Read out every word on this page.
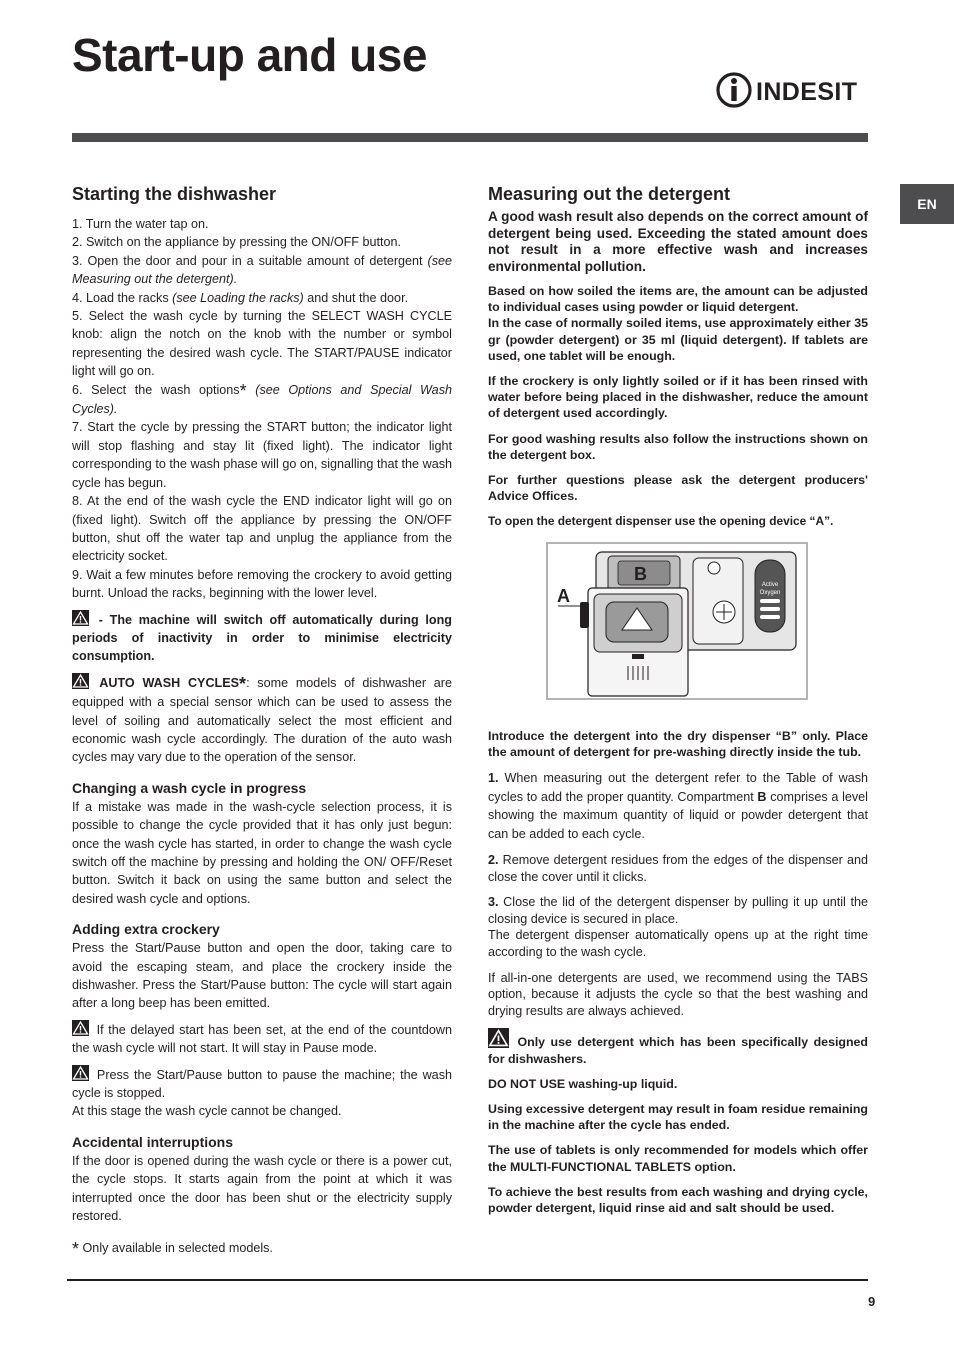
Start-up and use
INDESIT
EN
Starting the dishwasher

1. Turn the water tap on.

2. Switch on the appliance by pressing the ON/OFF button.

3. Open the door and pour in a suitable amount of detergent (see Measuring out the detergent).

4. Load the racks (see Loading the racks) and shut the door.

5. Select the wash cycle by turning the SELECT WASH CYCLE knob: align the notch on the knob with the number or symbol representing the desired wash cycle. The START/PAUSE indicator light will go on.

6. Select the wash options* (see Options and Special Wash Cycles).

7. Start the cycle by pressing the START button; the indicator light will stop flashing and stay lit (fixed light). The indicator light corresponding to the wash phase will go on, signalling that the wash cycle has begun.

8. At the end of the wash cycle the END indicator light will go on (fixed light). Switch off the appliance by pressing the ON/OFF button, shut off the water tap and unplug the appliance from the electricity socket.

9. Wait a few minutes before removing the crockery to avoid getting burnt. Unload the racks, beginning with the lower level.

- The machine will switch off automatically during long periods of inactivity in order to minimise electricity consumption.

AUTO WASH CYCLES*: some models of dishwasher are equipped with a special sensor which can be used to assess the level of soiling and automatically select the most efficient and economic wash cycle accordingly. The duration of the auto wash cycles may vary due to the operation of the sensor.

Changing a wash cycle in progress

If a mistake was made in the wash-cycle selection process, it is possible to change the cycle provided that it has only just begun: once the wash cycle has started, in order to change the wash cycle switch off the machine by pressing and holding the ON/ OFF/Reset button. Switch it back on using the same button and select the desired wash cycle and options.

Adding extra crockery

Press the Start/Pause button and open the door, taking care to avoid the escaping steam, and place the crockery inside the dishwasher. Press the Start/Pause button: The cycle will start again after a long beep has been emitted.

If the delayed start has been set, at the end of the countdown the wash cycle will not start. It will stay in Pause mode.

Press the Start/Pause button to pause the machine; the wash cycle is stopped.

At this stage the wash cycle cannot be changed.

Accidental interruptions

If the door is opened during the wash cycle or there is a power cut, the cycle stops. It starts again from the point at which it was interrupted once the door has been shut or the electricity supply restored.

* Only available in selected models.
Measuring out the detergent

A good wash result also depends on the correct amount of detergent being used. Exceeding the stated amount does not result in a more effective wash and increases environmental pollution.

Based on how soiled the items are, the amount can be adjusted to individual cases using powder or liquid detergent.

In the case of normally soiled items, use approximately either 35 gr (powder detergent) or 35 ml (liquid detergent). If tablets are used, one tablet will be enough.

If the crockery is only lightly soiled or if it has been rinsed with water before being placed in the dishwasher, reduce the amount of detergent used accordingly.

For good washing results also follow the instructions shown on the detergent box.

For further questions please ask the detergent producers' Advice Offices.

To open the detergent dispenser use the opening device “A”.

Active
Oxygen
A
B

Introduce the detergent into the dry dispenser “B” only. Place the amount of detergent for pre-washing directly inside the tub.

1. When measuring out the detergent refer to the Table of wash cycles to add the proper quantity. Compartment B comprises a level showing the maximum quantity of liquid or powder detergent that can be added to each cycle.

2. Remove detergent residues from the edges of the dispenser and close the cover until it clicks.

3. Close the lid of the detergent dispenser by pulling it up until the closing device is secured in place.

The detergent dispenser automatically opens up at the right time according to the wash cycle.

If all-in-one detergents are used, we recommend using the TABS option, because it adjusts the cycle so that the best washing and drying results are always achieved.

Only use detergent which has been specifically designed for dishwashers.

DO NOT USE washing-up liquid.

Using excessive detergent may result in foam residue remaining in the machine after the cycle has ended.

The use of tablets is only recommended for models which offer the MULTI-FUNCTIONAL TABLETS option.

To achieve the best results from each washing and drying cycle, powder detergent, liquid rinse aid and salt should be used.

9
